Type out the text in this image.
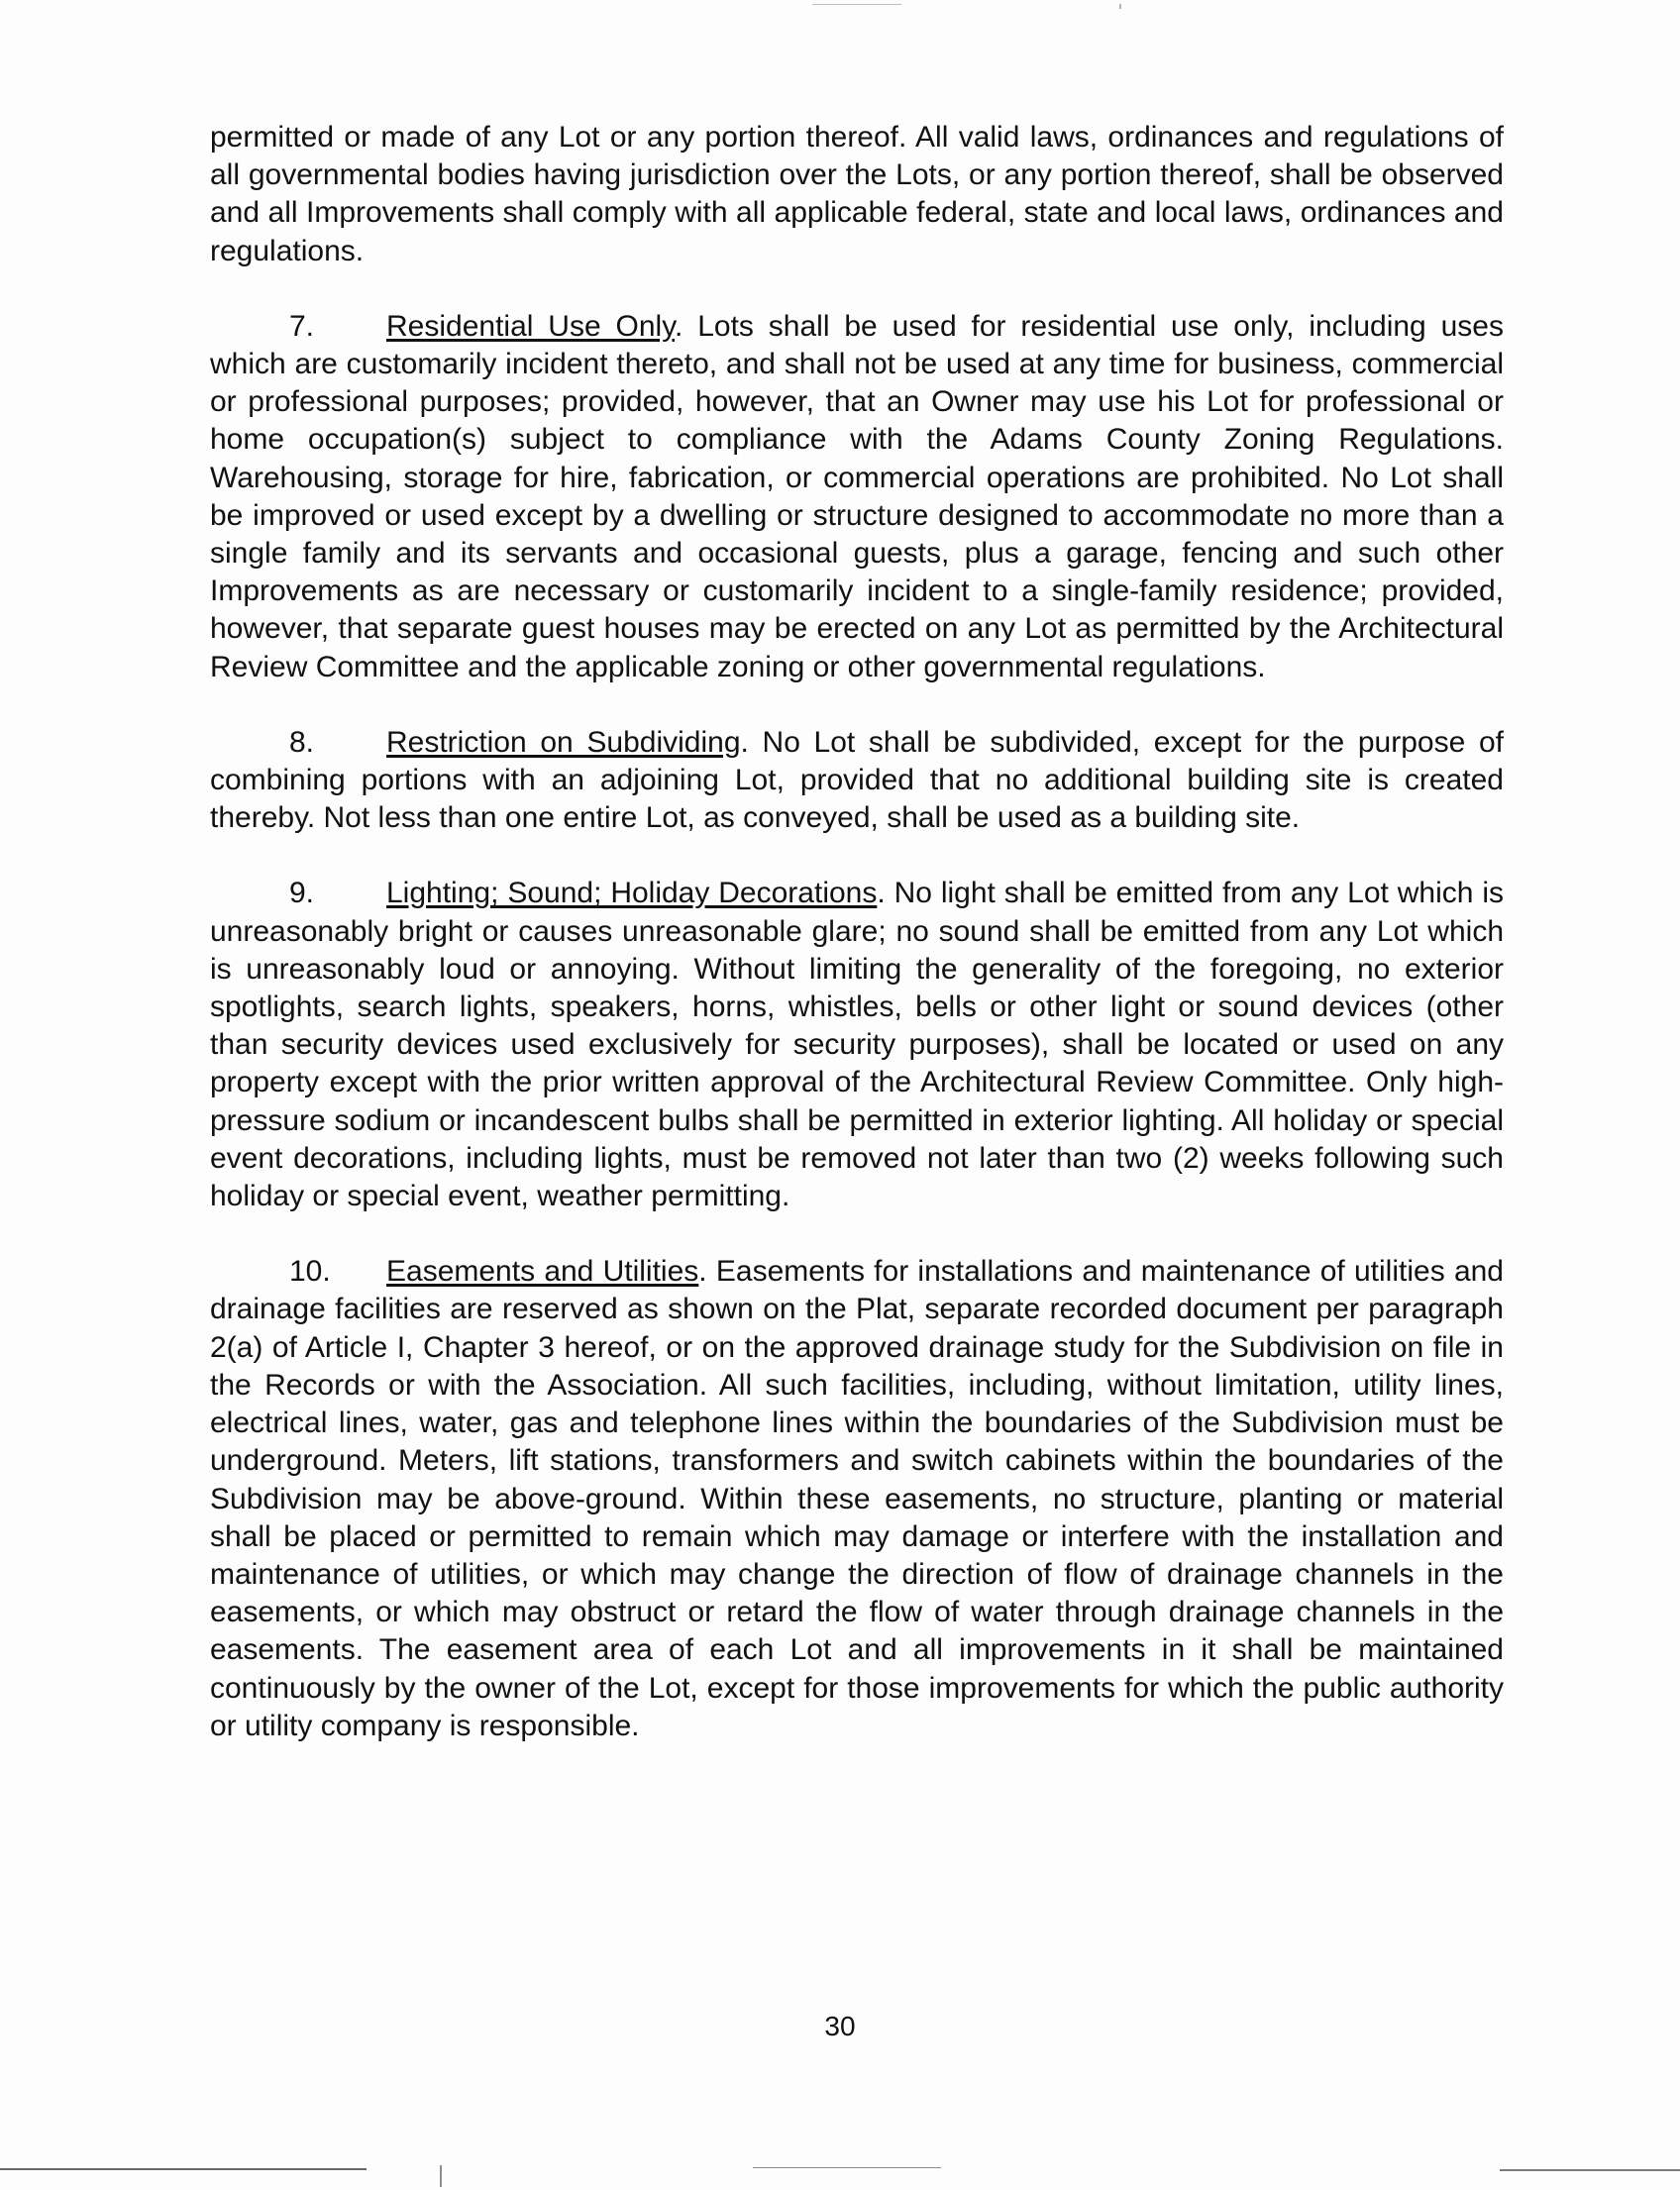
permitted or made of any Lot or any portion thereof. All valid laws, ordinances and regulations of all governmental bodies having jurisdiction over the Lots, or any portion thereof, shall be observed and all Improvements shall comply with all applicable federal, state and local laws, ordinances and regulations.

7. Residential Use Only. Lots shall be used for residential use only, including uses which are customarily incident thereto, and shall not be used at any time for business, commercial or professional purposes; provided, however, that an Owner may use his Lot for professional or home occupation(s) subject to compliance with the Adams County Zoning Regulations. Warehousing, storage for hire, fabrication, or commercial operations are prohibited. No Lot shall be improved or used except by a dwelling or structure designed to accommodate no more than a single family and its servants and occasional guests, plus a garage, fencing and such other Improvements as are necessary or customarily incident to a single-family residence; provided, however, that separate guest houses may be erected on any Lot as permitted by the Architectural Review Committee and the applicable zoning or other governmental regulations.

8. Restriction on Subdividing. No Lot shall be subdivided, except for the purpose of combining portions with an adjoining Lot, provided that no additional building site is created thereby. Not less than one entire Lot, as conveyed, shall be used as a building site.

9. Lighting; Sound; Holiday Decorations. No light shall be emitted from any Lot which is unreasonably bright or causes unreasonable glare; no sound shall be emitted from any Lot which is unreasonably loud or annoying. Without limiting the generality of the foregoing, no exterior spotlights, search lights, speakers, horns, whistles, bells or other light or sound devices (other than security devices used exclusively for security purposes), shall be located or used on any property except with the prior written approval of the Architectural Review Committee. Only high-pressure sodium or incandescent bulbs shall be permitted in exterior lighting. All holiday or special event decorations, including lights, must be removed not later than two (2) weeks following such holiday or special event, weather permitting.

10. Easements and Utilities. Easements for installations and maintenance of utilities and drainage facilities are reserved as shown on the Plat, separate recorded document per paragraph 2(a) of Article I, Chapter 3 hereof, or on the approved drainage study for the Subdivision on file in the Records or with the Association. All such facilities, including, without limitation, utility lines, electrical lines, water, gas and telephone lines within the boundaries of the Subdivision must be underground. Meters, lift stations, transformers and switch cabinets within the boundaries of the Subdivision may be above-ground. Within these easements, no structure, planting or material shall be placed or permitted to remain which may damage or interfere with the installation and maintenance of utilities, or which may change the direction of flow of drainage channels in the easements, or which may obstruct or retard the flow of water through drainage channels in the easements. The easement area of each Lot and all improvements in it shall be maintained continuously by the owner of the Lot, except for those improvements for which the public authority or utility company is responsible.

30
